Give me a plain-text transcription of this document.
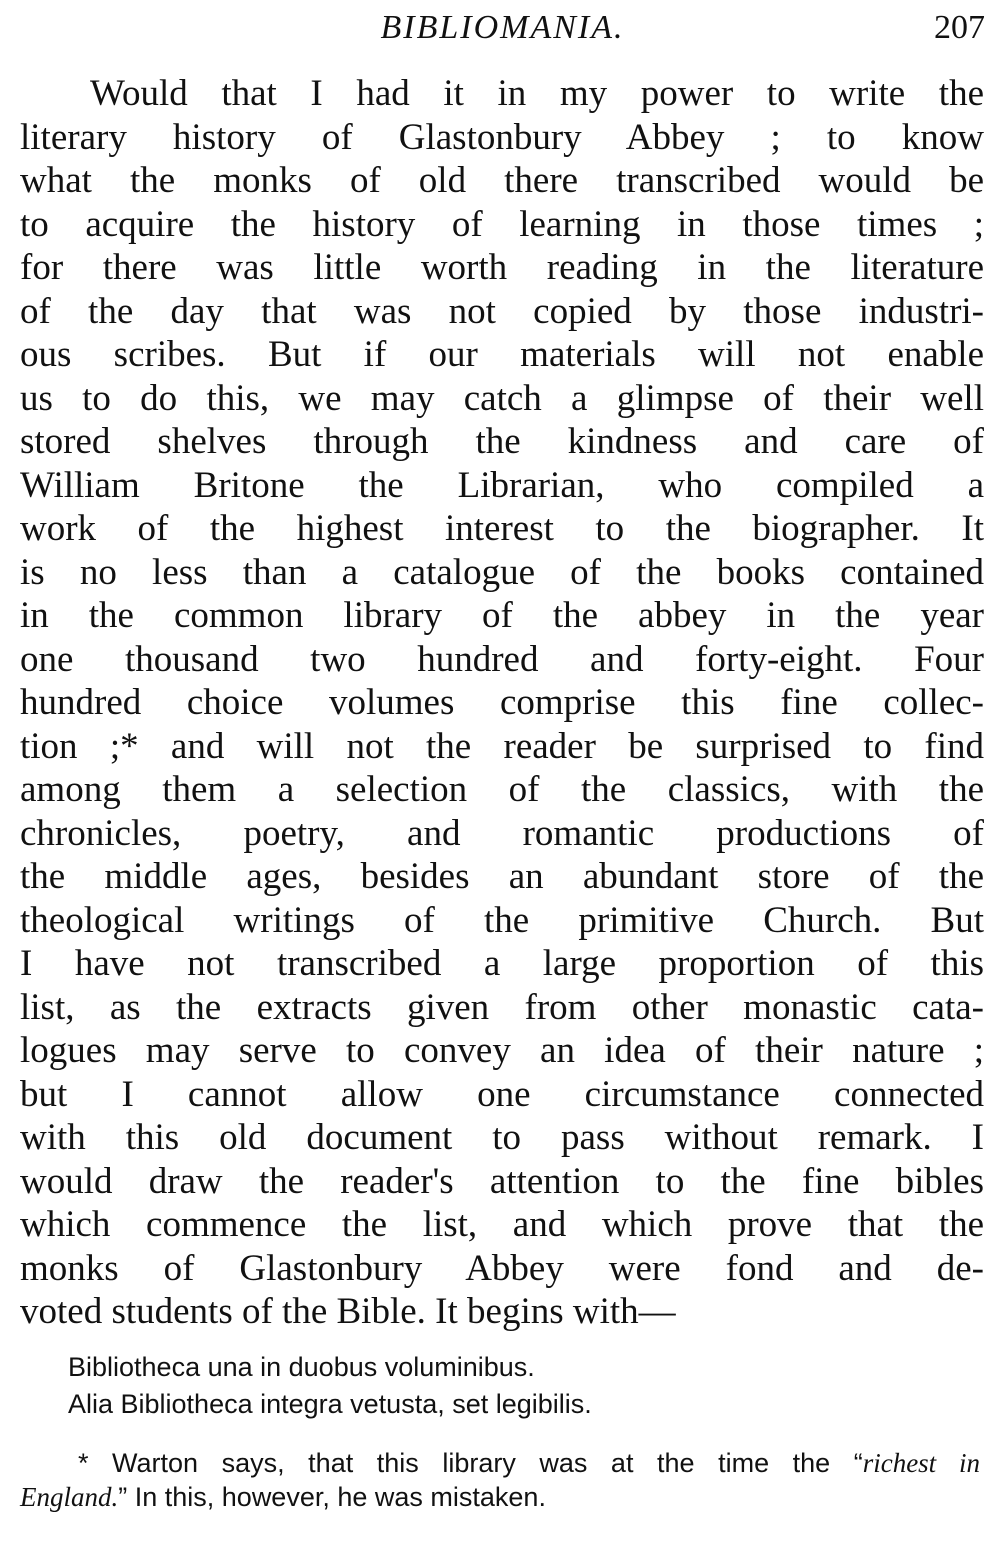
BIBLIOMANIA.	207
Would that I had it in my power to write the
literary history of Glastonbury Abbey ; to know
what the monks of old there transcribed would be
to acquire the history of learning in those times ;
for there was little worth reading in the literature
of the day that was not copied by those industri-
ous scribes. But if our materials will not enable
us to do this, we may catch a glimpse of their well
stored shelves through the kindness and care of
William Britone the Librarian, who compiled a
work of the highest interest to the biographer. It
is no less than a catalogue of the books contained
in the common library of the abbey in the year
one thousand two hundred and forty-eight. Four
hundred choice volumes comprise this fine collec-
tion ;* and will not the reader be surprised to find
among them a selection of the classics, with the
chronicles, poetry, and romantic productions of
the middle ages, besides an abundant store of the
theological writings of the primitive Church. But
I have not transcribed a large proportion of this
list, as the extracts given from other monastic cata-
logues may serve to convey an idea of their nature ;
but I cannot allow one circumstance connected
with this old document to pass without remark. I
would draw the reader's attention to the fine bibles
which commence the list, and which prove that the
monks of Glastonbury Abbey were fond and de-
voted students of the Bible. It begins with—
Bibliotheca una in duobus voluminibus.
Alia Bibliotheca integra vetusta, set legibilis.
* Warton says, that this library was at the time the “richest in
England.” In this, however, he was mistaken.
